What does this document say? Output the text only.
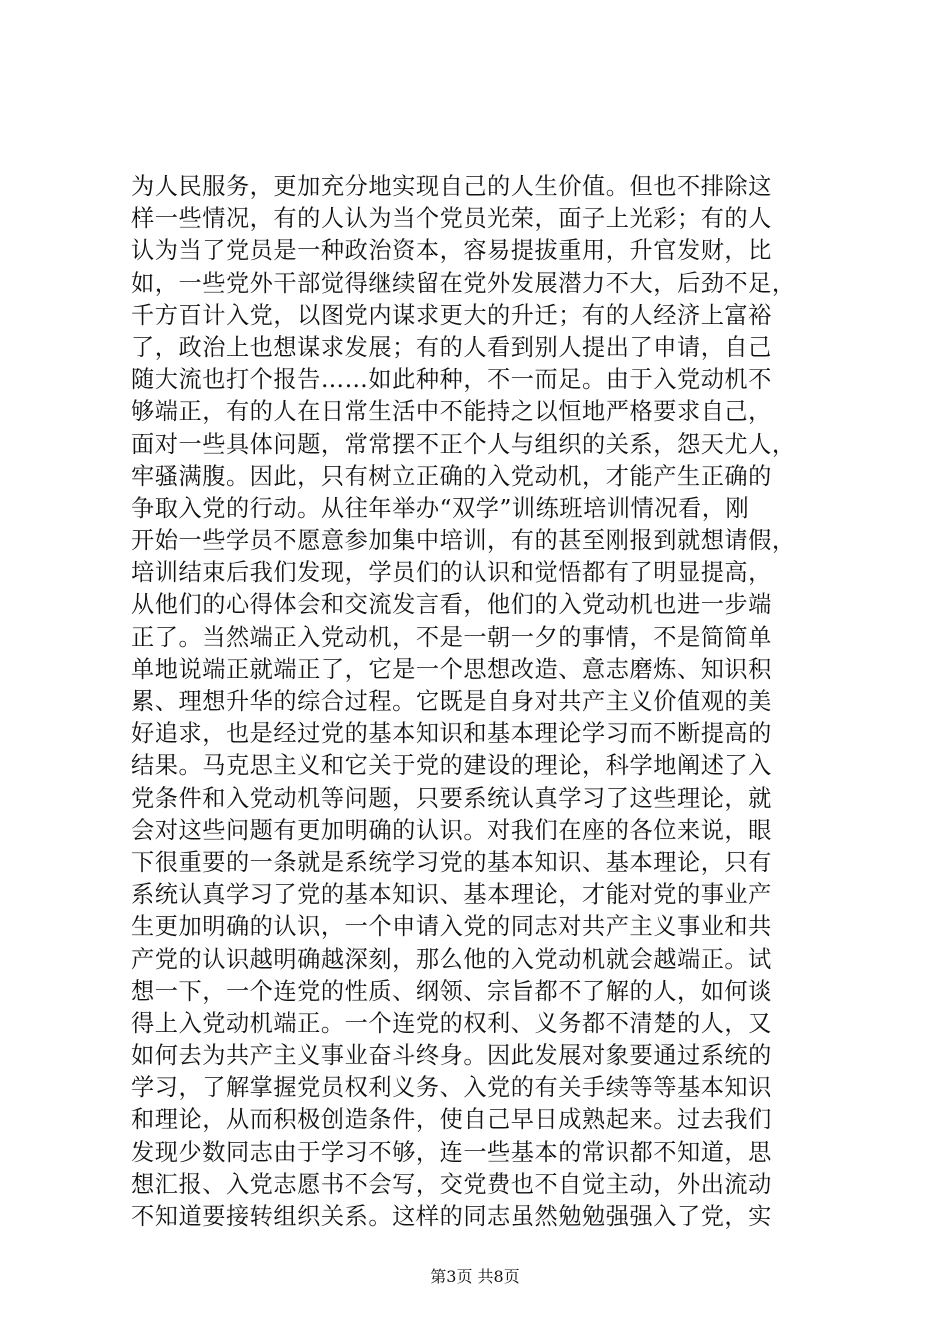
为人民服务，更加充分地实现自己的人生价值。但也不排除这
样一些情况，有的人认为当个党员光荣，面子上光彩；有的人
认为当了党员是一种政治资本，容易提拔重用，升官发财，比
如，一些党外干部觉得继续留在党外发展潜力不大，后劲不足，
千方百计入党，以图党内谋求更大的升迁；有的人经济上富裕
了，政治上也想谋求发展；有的人看到别人提出了申请，自己
随大流也打个报告……如此种种，不一而足。由于入党动机不
够端正，有的人在日常生活中不能持之以恒地严格要求自己，
面对一些具体问题，常常摆不正个人与组织的关系，怨天尤人，
牢骚满腹。因此，只有树立正确的入党动机，才能产生正确的
争取入党的行动。从往年举办“双学”训练班培训情况看，刚
开始一些学员不愿意参加集中培训，有的甚至刚报到就想请假，
培训结束后我们发现，学员们的认识和觉悟都有了明显提高，
从他们的心得体会和交流发言看，他们的入党动机也进一步端
正了。当然端正入党动机，不是一朝一夕的事情，不是简简单
单地说端正就端正了，它是一个思想改造、意志磨炼、知识积
累、理想升华的综合过程。它既是自身对共产主义价值观的美
好追求，也是经过党的基本知识和基本理论学习而不断提高的
结果。马克思主义和它关于党的建设的理论，科学地阐述了入
党条件和入党动机等问题，只要系统认真学习了这些理论，就
会对这些问题有更加明确的认识。对我们在座的各位来说，眼
下很重要的一条就是系统学习党的基本知识、基本理论，只有
系统认真学习了党的基本知识、基本理论，才能对党的事业产
生更加明确的认识，一个申请入党的同志对共产主义事业和共
产党的认识越明确越深刻，那么他的入党动机就会越端正。试
想一下，一个连党的性质、纲领、宗旨都不了解的人，如何谈
得上入党动机端正。一个连党的权利、义务都不清楚的人，又
如何去为共产主义事业奋斗终身。因此发展对象要通过系统的
学习，了解掌握党员权利义务、入党的有关手续等等基本知识
和理论，从而积极创造条件，使自己早日成熟起来。过去我们
发现少数同志由于学习不够，连一些基本的常识都不知道，思
想汇报、入党志愿书不会写，交党费也不自觉主动，外出流动
不知道要接转组织关系。这样的同志虽然勉勉强强入了党，实
第3页 共8页
